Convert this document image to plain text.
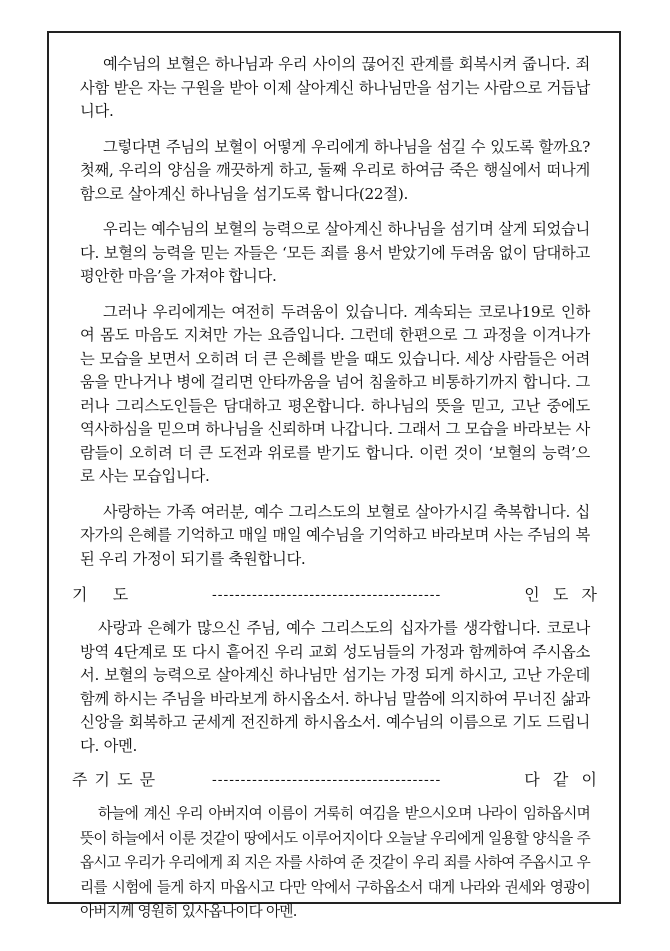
예수님의 보혈은 하나님과 우리 사이의 끊어진 관계를 회복시켜 줍니다. 죄 사함 받은 자는 구원을 받아 이제 살아계신 하나님만을 섬기는 사람으로 거듭납니다.

그렇다면 주님의 보혈이 어떻게 우리에게 하나님을 섬길 수 있도록 할까요? 첫째, 우리의 양심을 깨끗하게 하고, 둘째 우리로 하여금 죽은 행실에서 떠나게 함으로 살아계신 하나님을 섬기도록 합니다(22절).

우리는 예수님의 보혈의 능력으로 살아계신 하나님을 섬기며 살게 되었습니다. 보혈의 능력을 믿는 자들은 ‘모든 죄를 용서 받았기에 두려움 없이 담대하고 평안한 마음’을 가져야 합니다.

그러나 우리에게는 여전히 두려움이 있습니다. 계속되는 코로나19로 인하여 몸도 마음도 지쳐만 가는 요즘입니다. 그런데 한편으로 그 과정을 이겨나가는 모습을 보면서 오히려 더 큰 은혜를 받을 때도 있습니다. 세상 사람들은 어려움을 만나거나 병에 걸리면 안타까움을 넘어 침울하고 비통하기까지 합니다. 그러나 그리스도인들은 담대하고 평온합니다. 하나님의 뜻을 믿고, 고난 중에도 역사하심을 믿으며 하나님을 신뢰하며 나갑니다. 그래서 그 모습을 바라보는 사람들이 오히려 더 큰 도전과 위로를 받기도 합니다. 이런 것이 ‘보혈의 능력’으로 사는 모습입니다.

사랑하는 가족 여러분, 예수 그리스도의 보혈로 살아가시길 축복합니다. 십자가의 은혜를 기억하고 매일 매일 예수님을 기억하고 바라보며 사는 주님의 복된 우리 가정이 되기를 축원합니다.

기    도	----------------------------------------	인  도  자

사랑과 은혜가 많으신 주님, 예수 그리스도의 십자가를 생각합니다. 코로나 방역 4단계로 또 다시 흩어진 우리 교회 성도님들의 가정과 함께하여 주시옵소서. 보혈의 능력으로 살아계신 하나님만 섬기는 가정 되게 하시고, 고난 가운데 함께 하시는 주님을 바라보게 하시옵소서. 하나님 말씀에 의지하여 무너진 삶과 신앙을 회복하고 굳세게 전진하게 하시옵소서. 예수님의 이름으로 기도 드립니다. 아멘.

주 기 도 문	----------------------------------------	다  같  이

하늘에 계신 우리 아버지여 이름이 거룩히 여김을 받으시오며 나라이 임하옵시며 뜻이 하늘에서 이룬 것같이 땅에서도 이루어지이다 오늘날 우리에게 일용할 양식을 주옵시고 우리가 우리에게 죄 지은 자를 사하여 준 것같이 우리 죄를 사하여 주옵시고 우리를 시험에 들게 하지 마옵시고 다만 악에서 구하옵소서 대게 나라와 권세와 영광이 아버지께 영원히 있사옵나이다 아멘.
